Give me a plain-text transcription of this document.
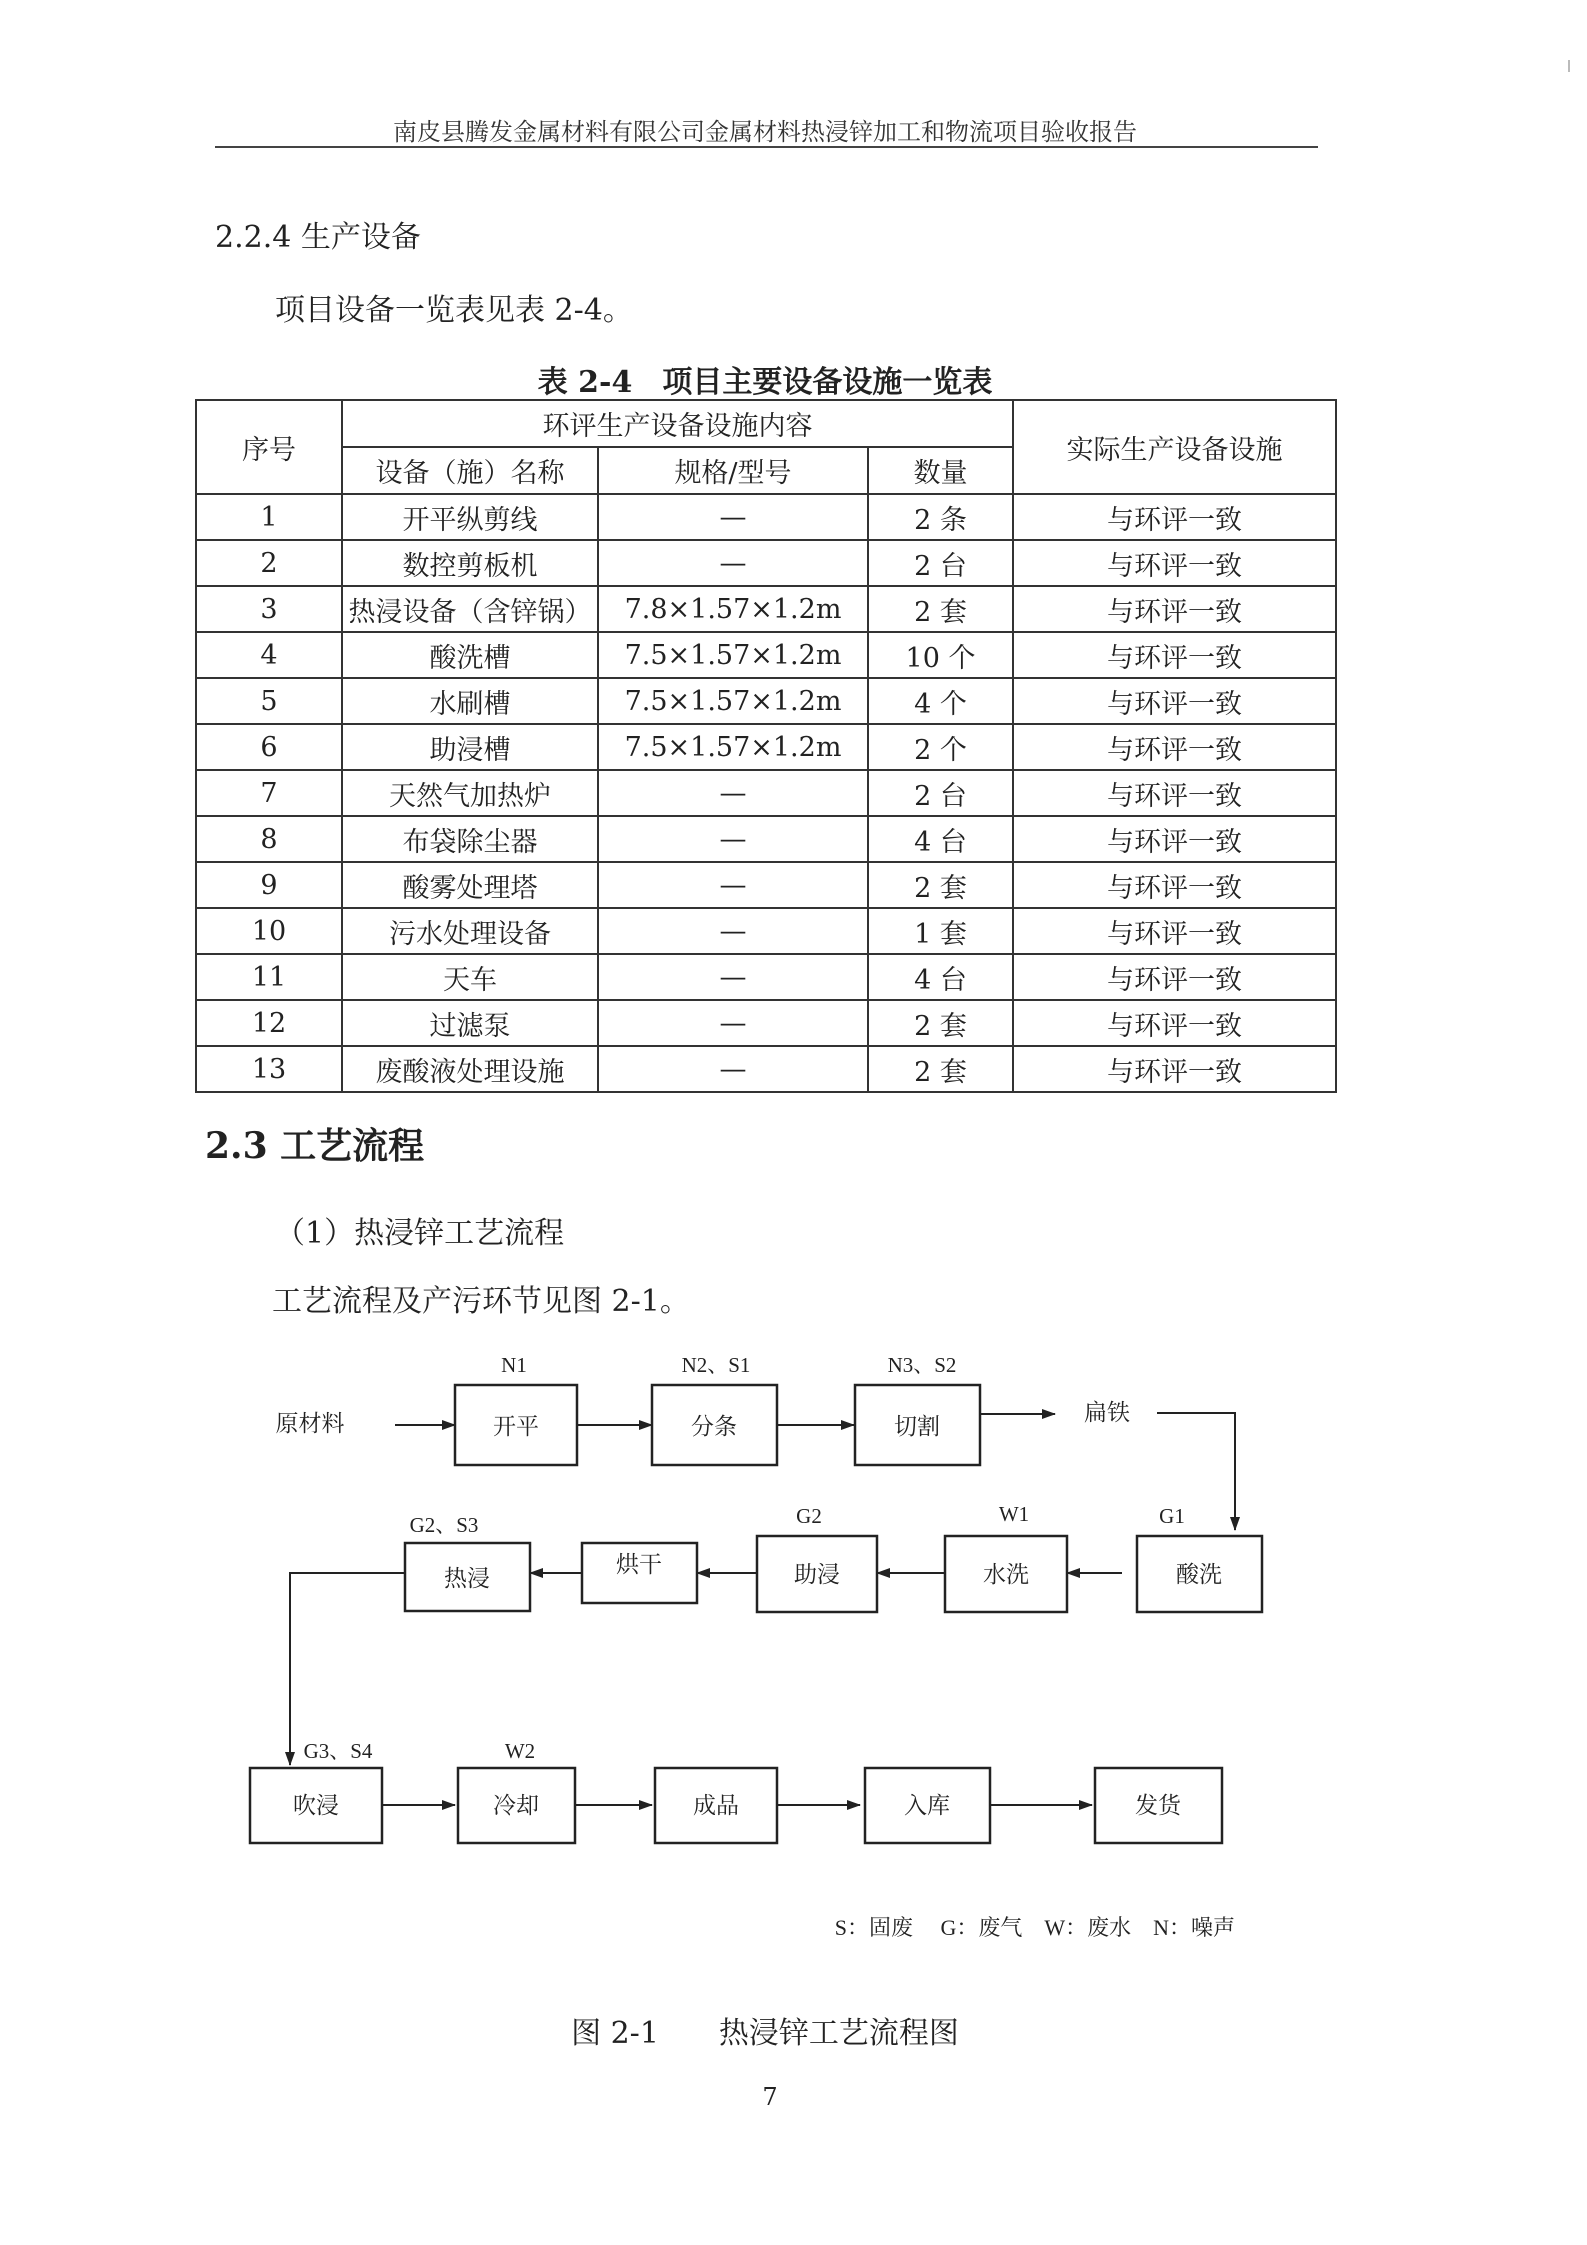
南皮县腾发金属材料有限公司金属材料热浸锌加工和物流项目验收报告
2.2.4 生产设备
项目设备一览表见表 2-4。
表 2-4　项目主要设备设施一览表
序号	环评生产设备设施内容			实际生产设备设施
	设备（施）名称	规格/型号	数量	
1	开平纵剪线	—	2 条	与环评一致
2	数控剪板机	—	2 台	与环评一致
3	热浸设备（含锌锅）	7.8×1.57×1.2m	2 套	与环评一致
4	酸洗槽	7.5×1.57×1.2m	10 个	与环评一致
5	水刷槽	7.5×1.57×1.2m	4 个	与环评一致
6	助浸槽	7.5×1.57×1.2m	2 个	与环评一致
7	天然气加热炉	—	2 台	与环评一致
8	布袋除尘器	—	4 台	与环评一致
9	酸雾处理塔	—	2 套	与环评一致
10	污水处理设备	—	1 套	与环评一致
11	天车	—	4 台	与环评一致
12	过滤泵	—	2 套	与环评一致
13	废酸液处理设施	—	2 套	与环评一致
2.3 工艺流程
（1）热浸锌工艺流程
工艺流程及产污环节见图 2-1。
原材料	扁铁
开平	分条	切割
酸洗
水洗
助浸
烘干
热浸
吹浸	冷却	成品	入库	发货
N1	N2、S1	N3、S2
G1
W1
G2
G2、S3
G3、S4	W2
S：固废　 G：废气　W：废水　N：噪声
图 2-1　　热浸锌工艺流程图
7
